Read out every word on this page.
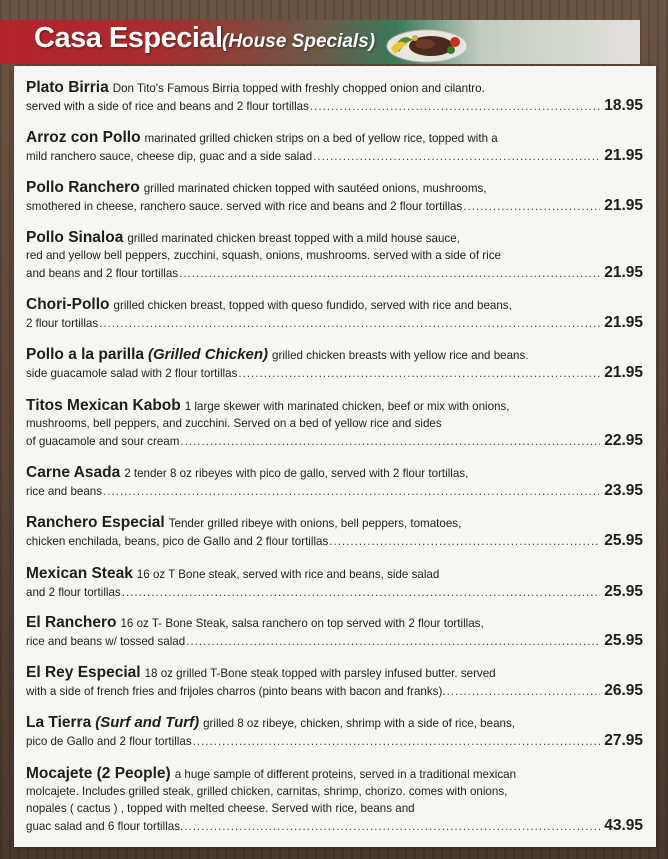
Casa Especial (House Specials)
Plato Birria Don Tito's Famous Birria topped with freshly chopped onion and cilantro.
served with a side of rice and beans and 2 flour tortillas .....	18.95
Arroz con Pollo marinated grilled chicken strips on a bed of yellow rice, topped with a
mild ranchero sauce, cheese dip, guac and a side salad .....	21.95
Pollo Ranchero grilled marinated chicken topped with sautéed onions, mushrooms,
smothered in cheese, ranchero sauce. served with rice and beans and 2 flour tortillas .....	21.95
Pollo Sinaloa grilled marinated chicken breast topped with a mild house sauce,
red and yellow bell peppers, zucchini, squash, onions, mushrooms. served with a side of rice
and beans and 2 flour tortillas .....	21.95
Chori-Pollo grilled chicken breast, topped with queso fundido, served with rice and beans,
2 flour tortillas .....	21.95
Pollo a la parilla (Grilled Chicken) grilled chicken breasts with yellow rice and beans.
side guacamole salad with 2 flour tortillas .....	21.95
Titos Mexican Kabob 1 large skewer with marinated chicken, beef or mix with onions,
mushrooms, bell peppers, and zucchini. Served on a bed of yellow rice and sides
of guacamole and sour cream .....	22.95
Carne Asada 2 tender 8 oz ribeyes with pico de gallo, served with 2 flour tortillas,
rice and beans .....	23.95
Ranchero Especial Tender grilled ribeye with onions, bell peppers, tomatoes,
chicken enchilada, beans, pico de Gallo and 2 flour tortillas .....	25.95
Mexican Steak 16 oz T Bone steak, served with rice and beans, side salad
and 2 flour tortillas .....	25.95
El Ranchero 16 oz T- Bone Steak, salsa ranchero on top served with 2 flour tortillas,
rice and beans w/ tossed salad .....	25.95
El Rey Especial 18 oz grilled T-Bone steak topped with parsley infused butter. served
with a side of french fries and frijoles charros (pinto beans with bacon and franks). .....	26.95
La Tierra (Surf and Turf) grilled 8 oz ribeye, chicken, shrimp with a side of rice, beans,
pico de Gallo and 2 flour tortillas .....	27.95
Mocajete (2 People) a huge sample of different proteins, served in a traditional mexican
molcajete. Includes grilled steak, grilled chicken, carnitas, shrimp, chorizo. comes with onions,
nopales ( cactus ) , topped with melted cheese. Served with rice, beans and
guac salad and 6 flour tortillas. .....	43.95
